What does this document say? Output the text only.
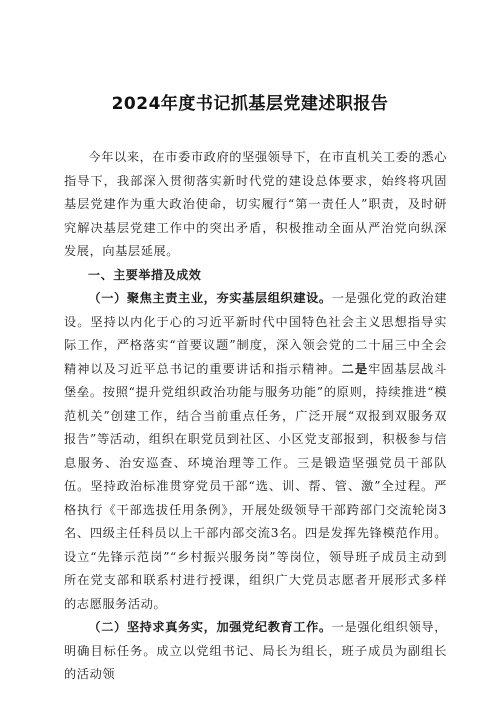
2024年度书记抓基层党建述职报告

今年以来，在市委市政府的坚强领导下，在市直机关工委的悉心指导下，我部深入贯彻落实新时代党的建设总体要求，始终将巩固基层党建作为重大政治使命，切实履行“第一责任人”职责，及时研究解决基层党建工作中的突出矛盾，积极推动全面从严治党向纵深发展，向基层延展。

一、主要举措及成效

（一）聚焦主责主业，夯实基层组织建设。一是强化党的政治建设。坚持以内化于心的习近平新时代中国特色社会主义思想指导实际工作，严格落实“首要议题”制度，深入领会党的二十届三中全会精神以及习近平总书记的重要讲话和指示精神。二是牢固基层战斗堡垒。按照“提升党组织政治功能与服务功能”的原则，持续推进“模范机关”创建工作，结合当前重点任务，广泛开展“双报到双服务双报告”等活动，组织在职党员到社区、小区党支部报到，积极参与信息服务、治安巡查、环境治理等工作。三是锻造坚强党员干部队伍。坚持政治标准贯穿党员干部“选、训、帮、管、激”全过程。严格执行《干部选拔任用条例》，开展处级领导干部跨部门交流轮岗3名、四级主任科员以上干部内部交流3名。四是发挥先锋模范作用。设立“先锋示范岗”“乡村振兴服务岗”等岗位，领导班子成员主动到所在党支部和联系村进行授课，组织广大党员志愿者开展形式多样的志愿服务活动。

（二）坚持求真务实，加强党纪教育工作。一是强化组织领导，明确目标任务。成立以党组书记、局长为组长，班子成员为副组长的活动领
